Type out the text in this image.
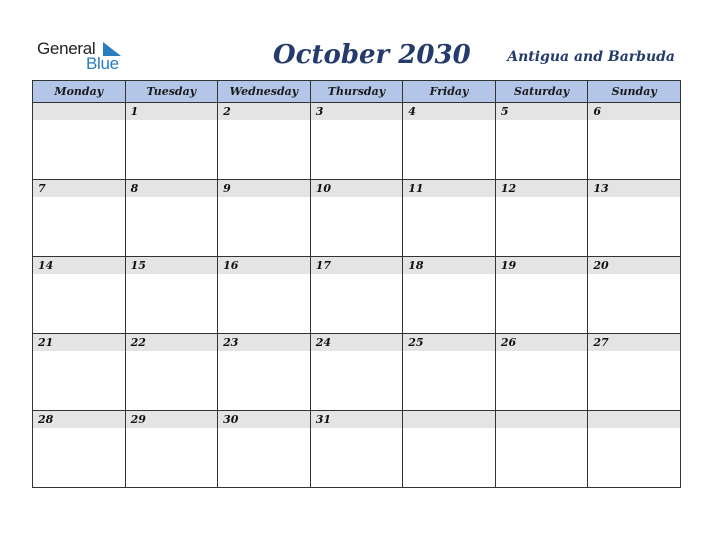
General
Blue	October 2030	Antigua and Barbuda
Monday	Tuesday	Wednesday	Thursday	Friday	Saturday	Sunday

	1	2	3	4	5	6

7	8	9	10	11	12	13

14	15	16	17	18	19	20

21	22	23	24	25	26	27

28	29	30	31			
